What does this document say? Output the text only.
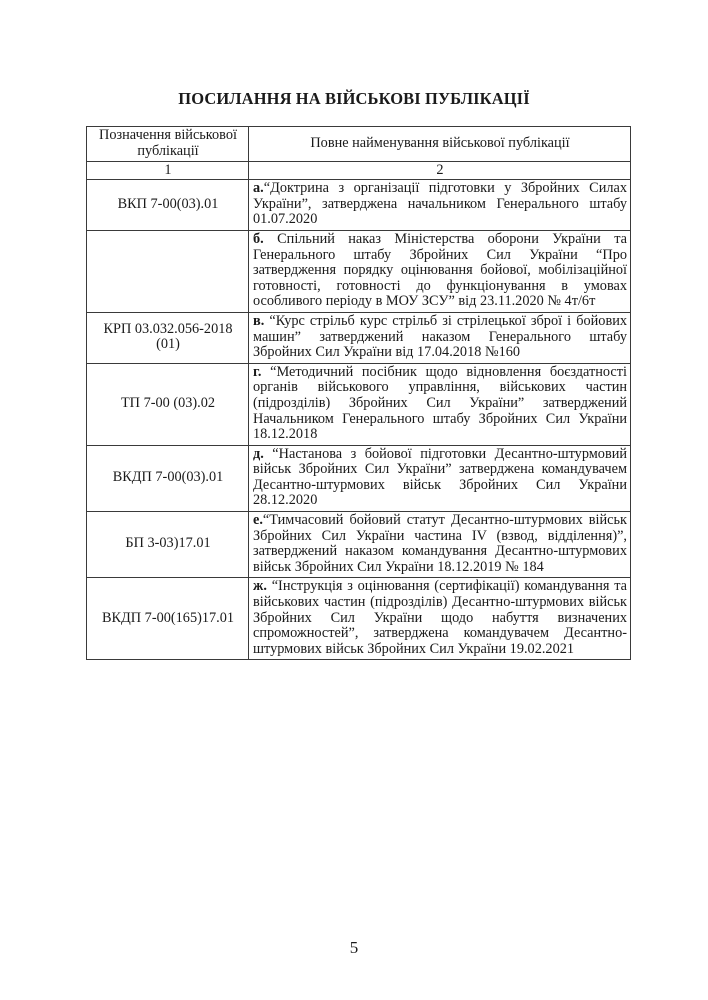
ПОСИЛАННЯ НА ВІЙСЬКОВІ ПУБЛІКАЦІЇ
Позначення військової публікації	Повне найменування військової публікації
1	2
ВКП 7-00(03).01	а.“Доктрина з організації підготовки у Збройних Силах України”, затверджена начальником Генерального штабу 01.07.2020
	б. Спільний наказ Міністерства оборони України та Генерального штабу Збройних Сил України “Про затвердження порядку оцінювання бойової, мобілізаційної готовності, готовності до функціонування в умовах особливого періоду в МОУ ЗСУ” від 23.11.2020 № 4т/6т
КРП 03.032.056-2018 (01)	в. “Курс стрільб курс стрільб зі стрілецької зброї і бойових машин” затверджений наказом Генерального штабу Збройних Сил України від 17.04.2018 №160
ТП 7-00 (03).02	г. “Методичний посібник щодо відновлення боєздатності органів військового управління, військових частин (підрозділів) Збройних Сил України” затверджений Начальником Генерального штабу Збройних Сил України 18.12.2018
ВКДП 7-00(03).01	д. “Настанова з бойової підготовки Десантно-штурмовий військ Збройних Сил України” затверджена командувачем Десантно-штурмових військ Збройних Сил України 28.12.2020
БП 3-03)17.01	е.“Тимчасовий бойовий статут Десантно-штурмових військ Збройних Сил України частина IV (взвод, відділення)”, затверджений наказом командування Десантно-штурмових військ Збройних Сил України 18.12.2019 № 184
ВКДП 7-00(165)17.01	ж. “Інструкція з оцінювання (сертифікації) командування та військових частин (підрозділів) Десантно-штурмових військ Збройних Сил України щодо набуття визначених спроможностей”, затверджена командувачем Десантно-штурмових військ Збройних Сил України 19.02.2021
5
